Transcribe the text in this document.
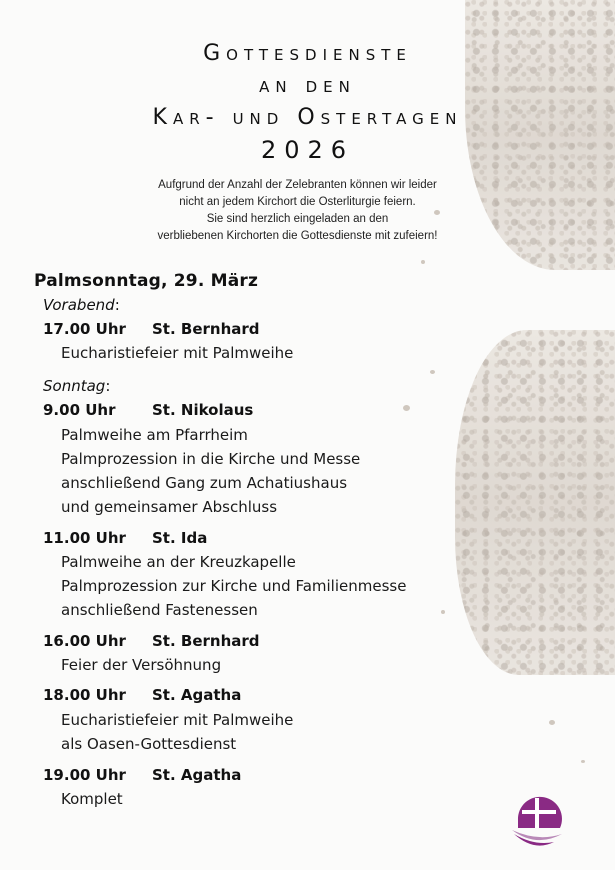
Gottesdienste
an den
Kar- und Ostertagen
2026
Aufgrund der Anzahl der Zelebranten können wir leider
nicht an jedem Kirchort die Osterliturgie feiern.
Sie sind herzlich eingeladen an den
verbliebenen Kirchorten die Gottesdienste mit zufeiern!
Palmsonntag, 29. März
Vorabend:
17.00 Uhr St. Bernhard
Eucharistiefeier mit Palmweihe
Sonntag:
9.00 Uhr St. Nikolaus
Palmweihe am Pfarrheim
Palmprozession in die Kirche und Messe
anschließend Gang zum Achatiushaus
und gemeinsamer Abschluss
11.00 Uhr St. Ida
Palmweihe an der Kreuzkapelle
Palmprozession zur Kirche und Familienmesse
anschließend Fastenessen
16.00 Uhr St. Bernhard
Feier der Versöhnung
18.00 Uhr St. Agatha
Eucharistiefeier mit Palmweihe
als Oasen-Gottesdienst
19.00 Uhr St. Agatha
Komplet
